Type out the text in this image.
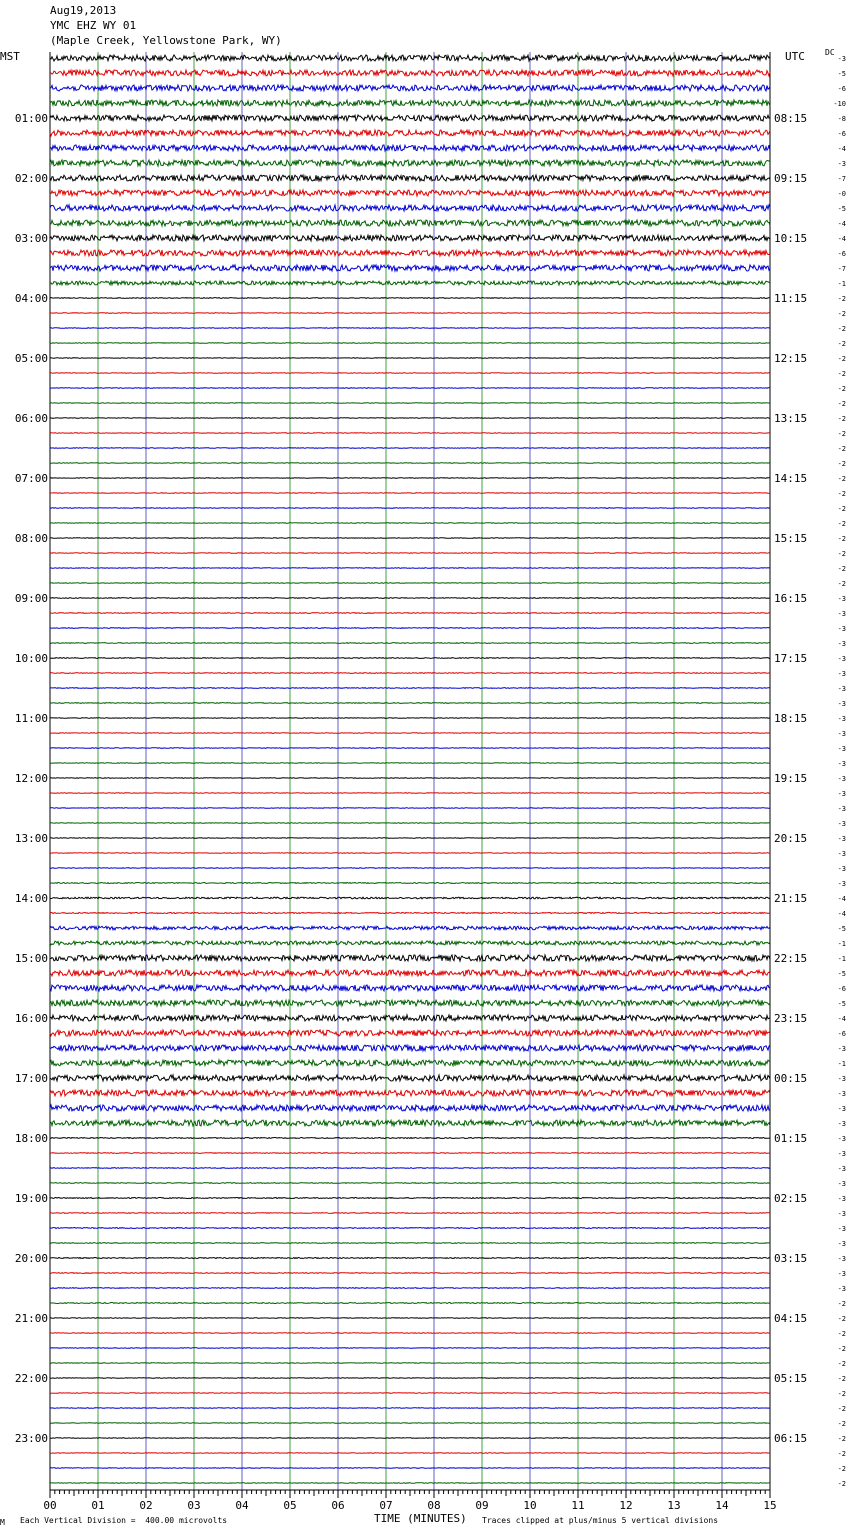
Aug19,2013
YMC EHZ WY 01
(Maple Creek, Yellowstone Park, WY)
MST	UTC	DC
-3
-5
-6
-10
-8
-6
-4
-3
-7
-0
-5
-4
-4
-6
-7
-1
-2
-2
-2
-2
-2
-2
-2
-2
-2
-2
-2
-2
-2
-2
-2
-2
-2
-2
-2
-2
-3
-3
-3
-3
-3
-3
-3
-3
-3
-3
-3
-3
-3
-3
-3
-3
-3
-3
-3
-3
-4
-4
-5
-1
-1
-5
-6
-5
-4
-6
-3
-1
-3
-3
-3
-3
-3
-3
-3
-3
-3
-3
-3
-3
-3
-3
-3
-2
-2
-2
-2
-2
-2
-2
-2
-2
-2
-2
-2
-2
01:00
02:00
03:00
04:00
05:00
06:00
07:00
08:00
09:00
10:00
11:00
12:00
13:00
14:00
15:00
16:00
17:00
18:00
19:00
20:00
21:00
22:00
23:00
08:15
09:15
10:15
11:15
12:15
13:15
14:15
15:15
16:15
17:15
18:15
19:15
20:15
21:15
22:15
23:15
00:15
01:15
02:15
03:15
04:15
05:15
06:15
00	01	02	03	04	05	06	07	08	09	10	11	12	13	14	15
M Each Vertical Division =  400.00 microvolts	TIME (MINUTES) Traces clipped at plus/minus 5 vertical divisions
